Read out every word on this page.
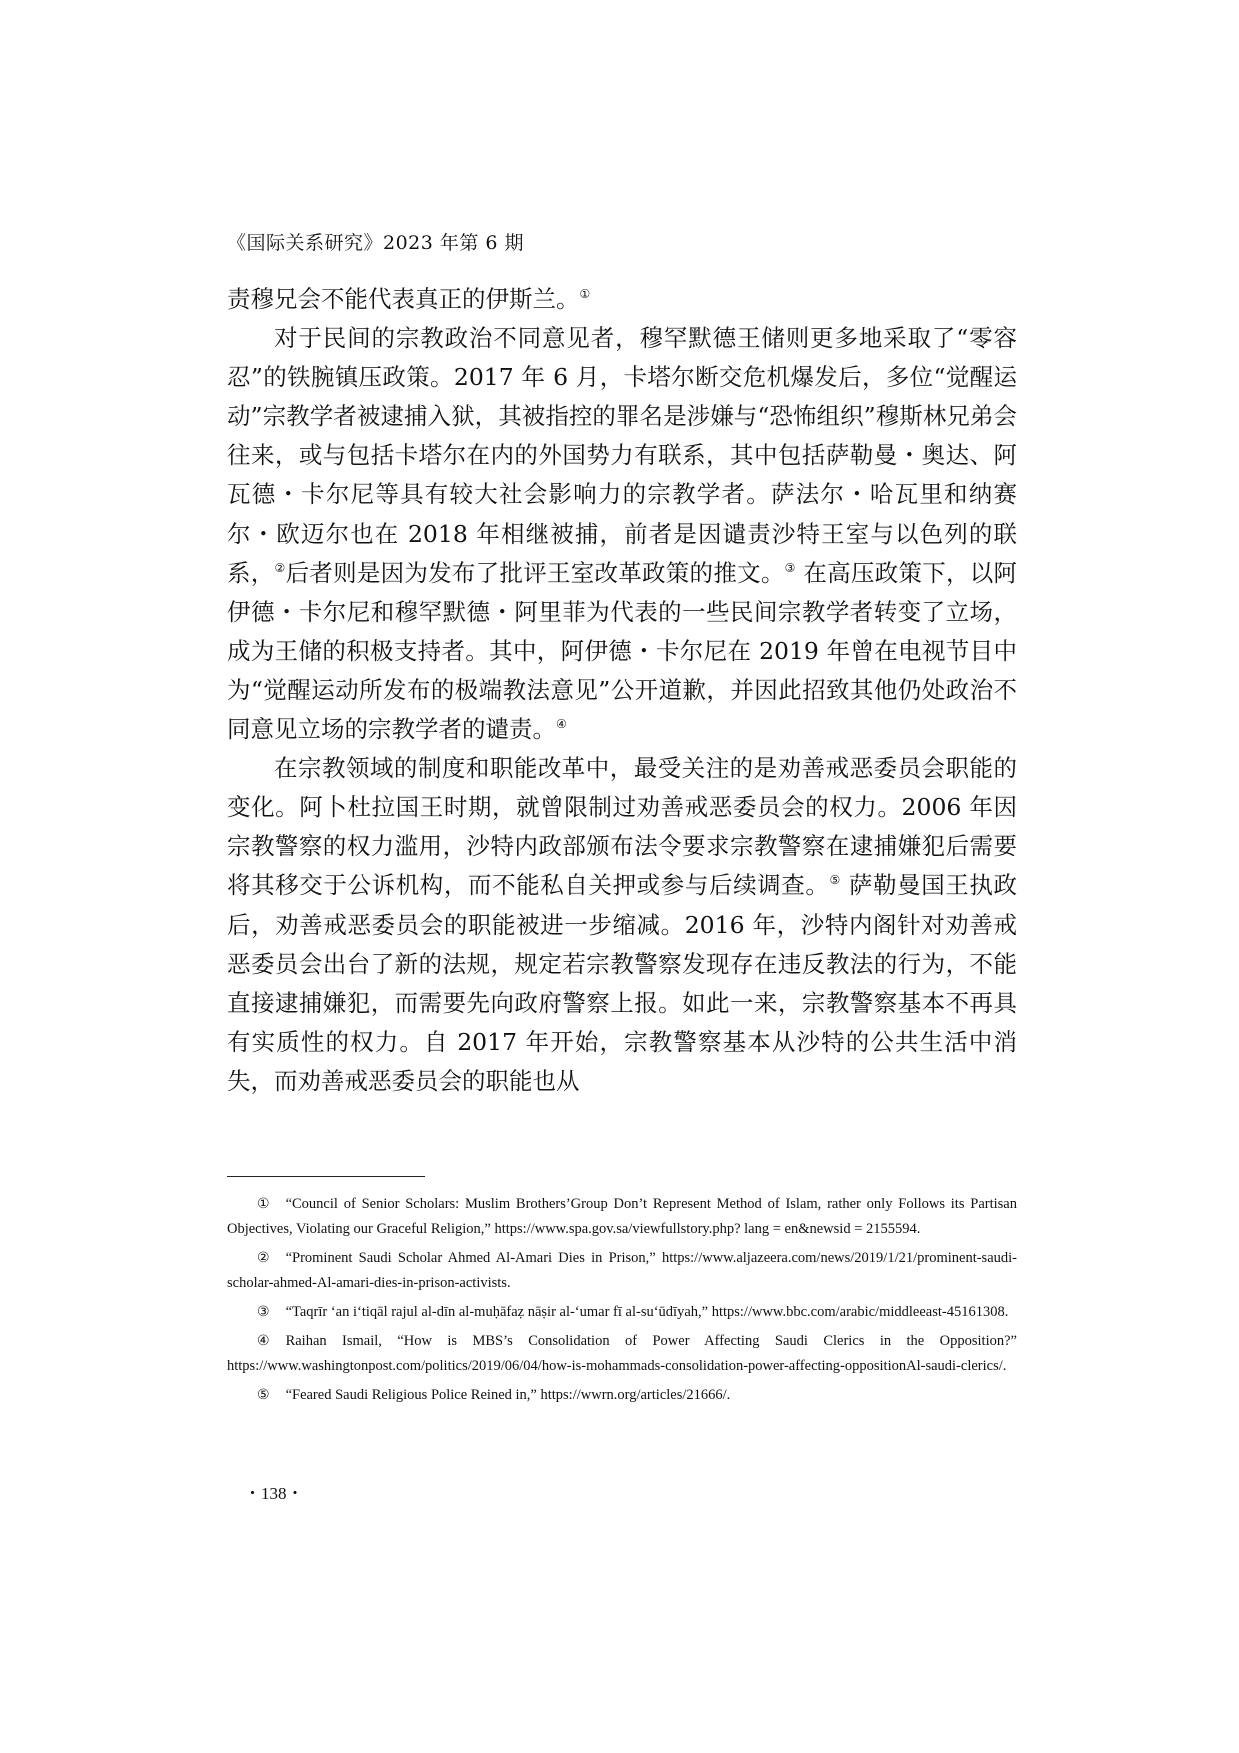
《国际关系研究》2023 年第 6 期

责穆兄会不能代表真正的伊斯兰。①

对于民间的宗教政治不同意见者，穆罕默德王储则更多地采取了“零容忍”的铁腕镇压政策。2017 年 6 月，卡塔尔断交危机爆发后，多位“觉醒运动”宗教学者被逮捕入狱，其被指控的罪名是涉嫌与“恐怖组织”穆斯林兄弟会往来，或与包括卡塔尔在内的外国势力有联系，其中包括萨勒曼・奥达、阿瓦德・卡尔尼等具有较大社会影响力的宗教学者。萨法尔・哈瓦里和纳赛尔・欧迈尔也在 2018 年相继被捕，前者是因谴责沙特王室与以色列的联系，②后者则是因为发布了批评王室改革政策的推文。③ 在高压政策下，以阿伊德・卡尔尼和穆罕默德・阿里菲为代表的一些民间宗教学者转变了立场，成为王储的积极支持者。其中，阿伊德・卡尔尼在 2019 年曾在电视节目中为“觉醒运动所发布的极端教法意见”公开道歉，并因此招致其他仍处政治不同意见立场的宗教学者的谴责。④

在宗教领域的制度和职能改革中，最受关注的是劝善戒恶委员会职能的变化。阿卜杜拉国王时期，就曾限制过劝善戒恶委员会的权力。2006 年因宗教警察的权力滥用，沙特内政部颁布法令要求宗教警察在逮捕嫌犯后需要将其移交于公诉机构，而不能私自关押或参与后续调查。⑤ 萨勒曼国王执政后，劝善戒恶委员会的职能被进一步缩减。2016 年，沙特内阁针对劝善戒恶委员会出台了新的法规，规定若宗教警察发现存在违反教法的行为，不能直接逮捕嫌犯，而需要先向政府警察上报。如此一来，宗教警察基本不再具有实质性的权力。自 2017 年开始，宗教警察基本从沙特的公共生活中消失，而劝善戒恶委员会的职能也从

① “Council of Senior Scholars: Muslim Brothers’Group Don’t Represent Method of Islam, rather only Follows its Partisan Objectives, Violating our Graceful Religion,” https://www.spa.gov.sa/viewfullstory.php? lang = en&newsid = 2155594.

② “Prominent Saudi Scholar Ahmed Al-Amari Dies in Prison,” https://www.aljazeera.com/news/2019/1/21/prominent-saudi-scholar-ahmed-Al-amari-dies-in-prison-activists.

③ “Taqrīr ‘an i‘tiqāl rajul al-dīn al-muḥāfaẓ nāṣir al-‘umar fī al-su‘ūdīyah,” https://www.bbc.com/arabic/middleeast-45161308.

④ Raihan Ismail, “How is MBS’s Consolidation of Power Affecting Saudi Clerics in the Opposition?” https://www.washingtonpost.com/politics/2019/06/04/how-is-mohammads-consolidation-power-affecting-oppositionAl-saudi-clerics/.

⑤ “Feared Saudi Religious Police Reined in,” https://wwrn.org/articles/21666/.

・138・
